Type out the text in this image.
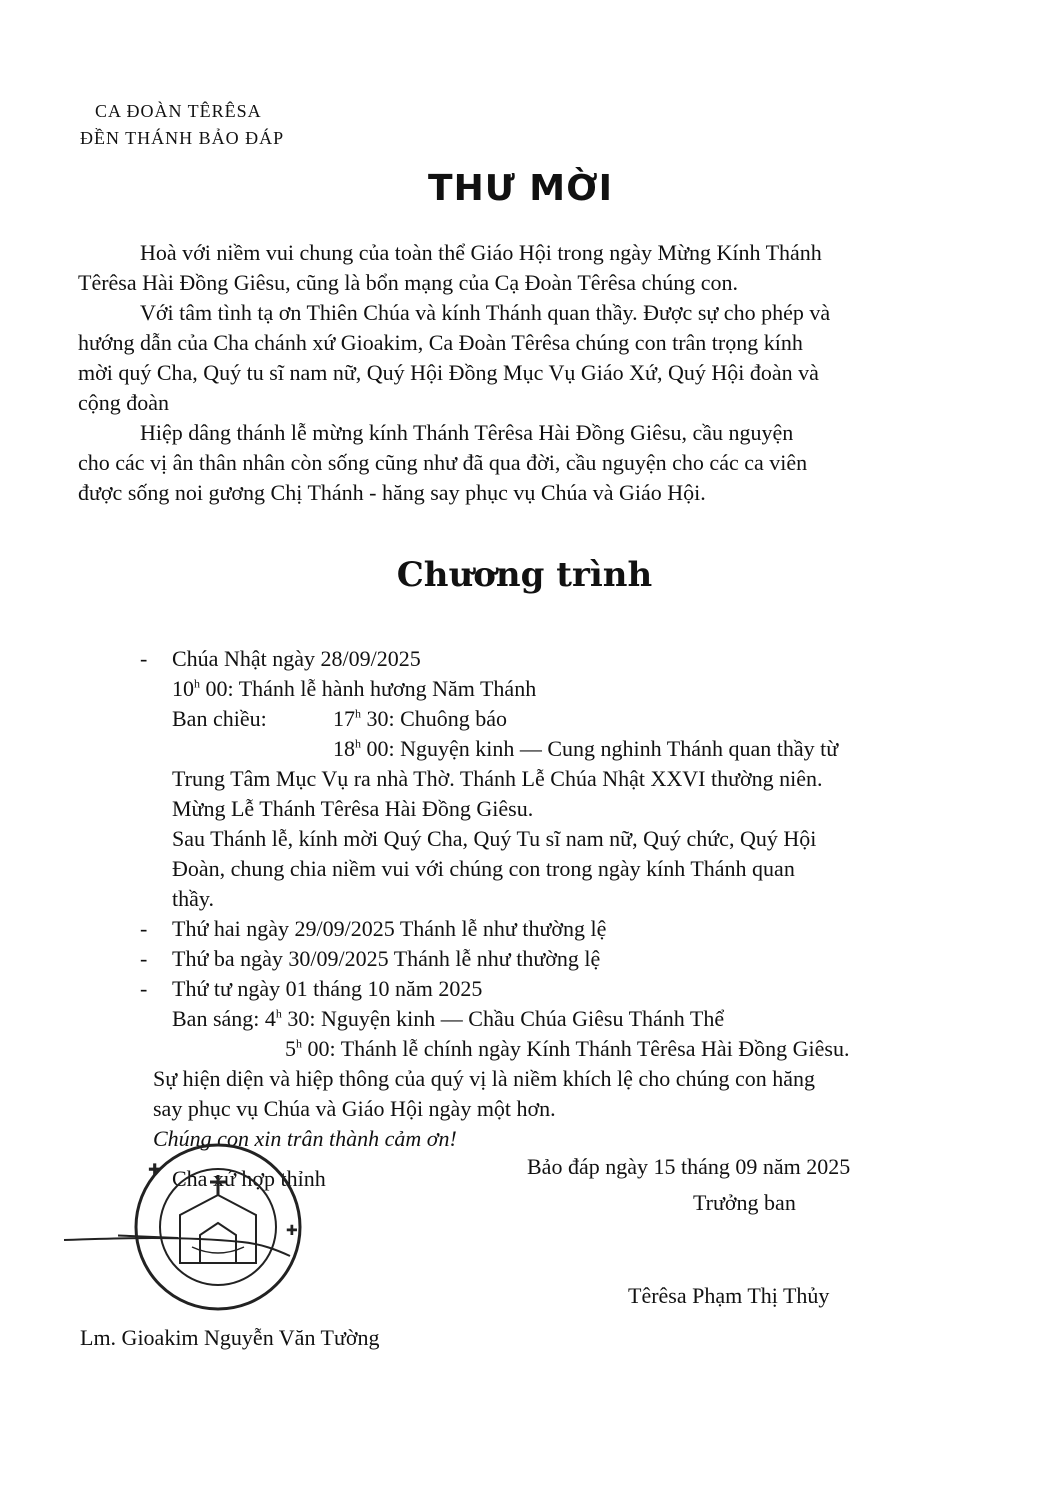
CA ĐOÀN TÊRÊSA
ĐỀN THÁNH BẢO ĐÁP
THƯ MỜI
Hoà với niềm vui chung của toàn thể Giáo Hội trong ngày Mừng Kính Thánh
Têrêsa Hài Đồng Giêsu, cũng là bổn mạng của Cạ Đoàn Têrêsa chúng con.
Với tâm tình tạ ơn Thiên Chúa và kính Thánh quan thầy. Được sự cho phép và
hướng dẫn của Cha chánh xứ Gioakim, Ca Đoàn Têrêsa chúng con trân trọng kính
mời quý Cha, Quý tu sĩ nam nữ, Quý Hội Đồng Mục Vụ Giáo Xứ, Quý Hội đoàn và
cộng đoàn
Hiệp dâng thánh lễ mừng kính Thánh Têrêsa Hài Đồng Giêsu, cầu nguyện
cho các vị ân thân nhân còn sống cũng như đã qua đời, cầu nguyện cho các ca viên
được sống noi gương Chị Thánh - hăng say phục vụ Chúa và Giáo Hội.
Chương trình
- Chúa Nhật ngày 28/09/2025
10$^h$ 00: Thánh lễ hành hương Năm Thánh
Ban chiều:	17$^h$ 30: Chuông báo
18$^h$ 00: Nguyện kinh — Cung nghinh Thánh quan thầy từ
Trung Tâm Mục Vụ ra nhà Thờ. Thánh Lễ Chúa Nhật XXVI thường niên.
Mừng Lễ Thánh Têrêsa Hài Đồng Giêsu.
Sau Thánh lễ, kính mời Quý Cha, Quý Tu sĩ nam nữ, Quý chức, Quý Hội
Đoàn, chung chia niềm vui với chúng con trong ngày kính Thánh quan
thầy.
- Thứ hai ngày 29/09/2025 Thánh lễ như thường lệ
- Thứ ba ngày 30/09/2025 Thánh lễ như thường lệ
- Thứ tư ngày 01 tháng 10 năm 2025
Ban sáng: 4$^h$ 30: Nguyện kinh — Chầu Chúa Giêsu Thánh Thể
5$^h$ 00: Thánh lễ chính ngày Kính Thánh Têrêsa Hài Đồng Giêsu.
Sự hiện diện và hiệp thông của quý vị là niềm khích lệ cho chúng con hăng
say phục vụ Chúa và Giáo Hội ngày một hơn.
Chúng con xin trân thành cảm ơn!
Bảo đáp ngày 15 tháng 09 năm 2025
Cha xứ hợp thỉnh
Trưởng ban
Têrêsa Phạm Thị Thủy
Lm. Gioakim Nguyễn Văn Tường
✚
✚
